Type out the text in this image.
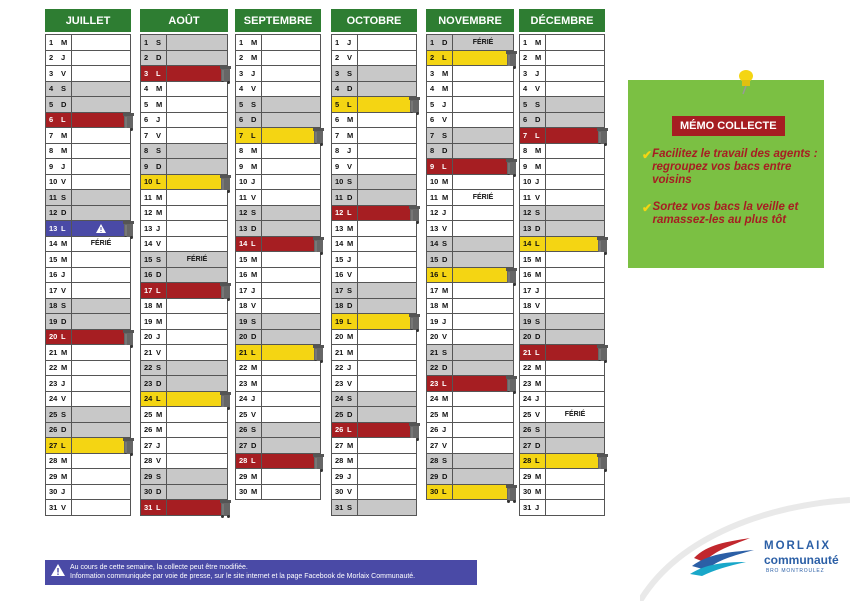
JUILLET
1	M
2	J
3	V
4	S
5	D
6	L
7	M
8	M
9	J
10 V
11 S
12 D
13 L
14 M	FÉRIÉ
15 M
16 J
17 V
18 S
19 D
20 L
21 M
22 M
23 J
24 V
25 S
26 D
27 L
28 M
29 M
30 J
31 V
AOÛT
1	S
2	D
3	L
4	M
5	M
6	J
7	V
8	S
9	D
10 L
11 M
12 M
13 J
14 V
15 S	FÉRIÉ
16 D
17 L
18 M
19 M
20 J
21 V
22 S
23 D
24 L
25 M
26 M
27 J
28 V
29 S
30 D
31 L
SEPTEMBRE
1	M
2	M
3	J
4	V
5	S
6	D
7	L
8	M
9	M
10 J
11 V
12 S
13 D
14 L
15 M
16 M
17 J
18 V
19 S
20 D
21 L
22 M
23 M
24 J
25 V
26 S
27 D
28 L
29 M
30 M
OCTOBRE
1	J
2	V
3	S
4	D
5	L
6	M
7	M
8	J
9	V
10 S
11 D
12 L
13 M
14 M
15 J
16 V
17 S
18 D
19 L
20 M
21 M
22 J
23 V
24 S
25 D
26 L
27 M
28 M
29 J
30 V
31 S
NOVEMBRE
1	D	FÉRIÉ
2	L
3	M
4	M
5	J
6	V
7	S
8	D
9	L
10 M
11 M	FÉRIÉ
12 J
13 V
14 S
15 D
16 L
17 M
18 M
19 J
20 V
21 S
22 D
23 L
24 M
25 M
26 J
27 V
28 S
29 D
30 L
DÉCEMBRE
1	M
2	M
3	J
4	V
5	S
6	D
7	L
8	M
9	M
10 J
11 V
12 S
13 D
14 L
15 M
16 M
17 J
18 V
19 S
20 D
21 L
22 M
23 M
24 J
25 V	FÉRIÉ
26 S
27 D
28 L
29 M
30 M
31 J
MÉMO COLLECTE
✔ Facilitez le travail des agents : regroupez vos bacs entre voisins
✔ Sortez vos bacs la veille et ramassez-les au plus tôt
Au cours de cette semaine, la collecte peut être modifiée.
Information communiquée par voie de presse, sur le site internet et la page Facebook de Morlaix Communauté.
MORLAIX
communauté
BRO MONTROULEZ
